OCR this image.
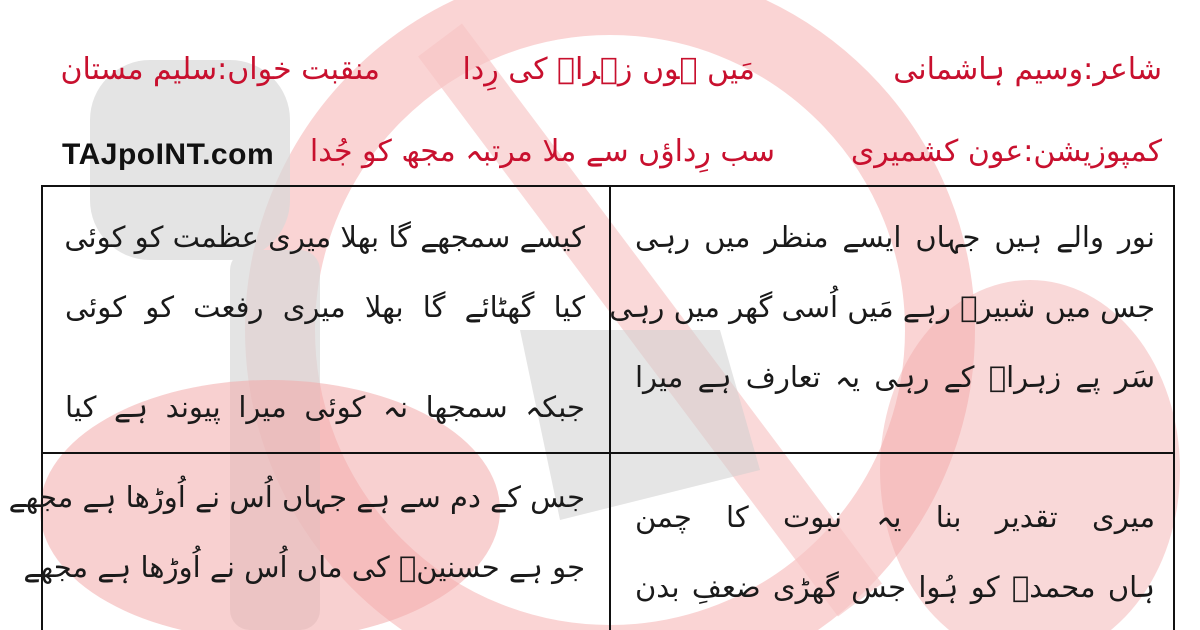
شاعر:وسیم ہاشمانی
مَیں ہوں زہراؑ کی رِدا
منقبت خواں:سلیم مستان
کمپوزیشن:عون کشمیری
سب رِداؤں سے ملا مرتبہ مجھ کو جُدا
TAJpoINT.com
نور والے ہیں جہاں ایسے منظر میں رہی
جس میں شبیرؑ رہے مَیں اُسی گھر میں رہی
سَر پے زہراؑ کے رہی یہ تعارف ہے میرا
کیسے سمجھے گا بھلا میری عظمت کو کوئی
کیا گھٹائے گا بھلا میری رفعت کو کوئی
جبکہ سمجھا نہ کوئی میرا پیوند ہے کیا
میری تقدیر بنا یہ نبوت کا چمن
ہاں محمدؐ کو ہُوا جس گھڑی ضعفِ بدن
جس کے دم سے ہے جہاں اُس نے اُوڑھا ہے مجھے
جو ہے حسنینؑ کی ماں اُس نے اُوڑھا ہے مجھے
